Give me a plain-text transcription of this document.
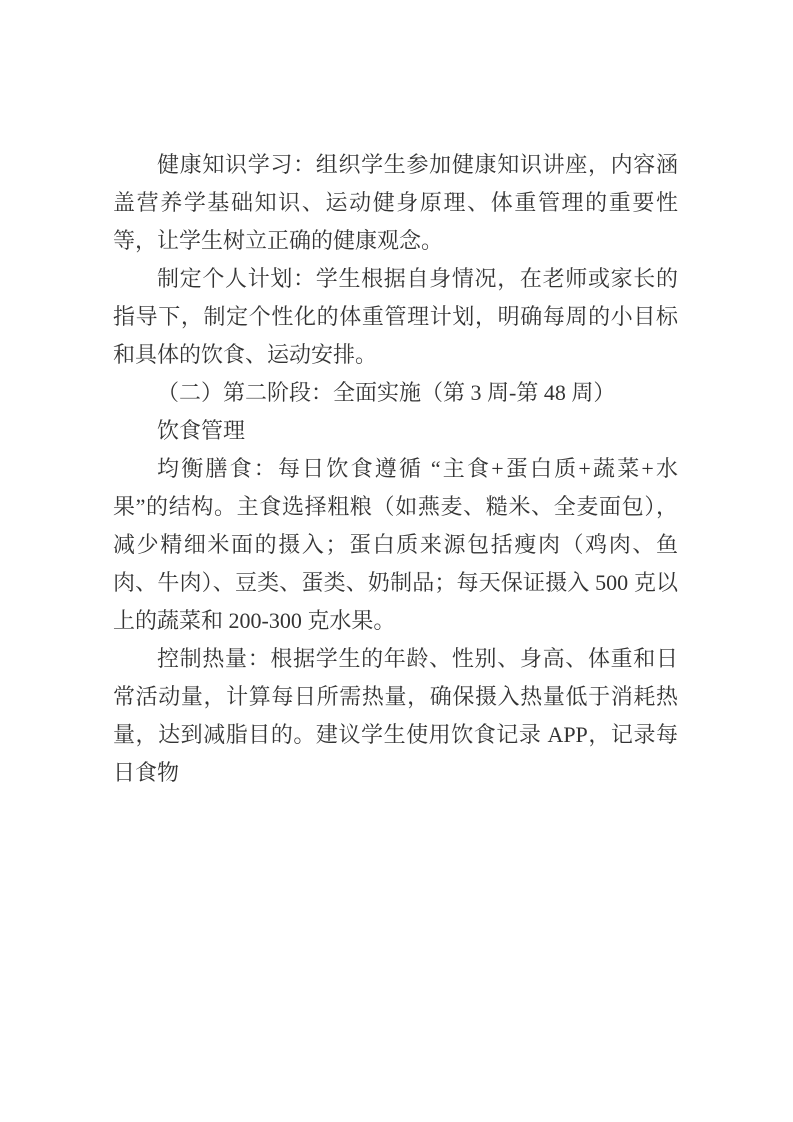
健康知识学习：组织学生参加健康知识讲座，内容涵盖营养学基础知识、运动健身原理、体重管理的重要性等，让学生树立正确的健康观念。

制定个人计划：学生根据自身情况，在老师或家长的指导下，制定个性化的体重管理计划，明确每周的小目标和具体的饮食、运动安排。

（二）第二阶段：全面实施（第 3 周-第 48 周）

饮食管理

均衡膳食：每日饮食遵循 “主食+蛋白质+蔬菜+水果”的结构。主食选择粗粮（如燕麦、糙米、全麦面包），减少精细米面的摄入；蛋白质来源包括瘦肉（鸡肉、鱼肉、牛肉）、豆类、蛋类、奶制品；每天保证摄入 500 克以上的蔬菜和 200-300 克水果。

控制热量：根据学生的年龄、性别、身高、体重和日常活动量，计算每日所需热量，确保摄入热量低于消耗热量，达到减脂目的。建议学生使用饮食记录 APP，记录每日食物
